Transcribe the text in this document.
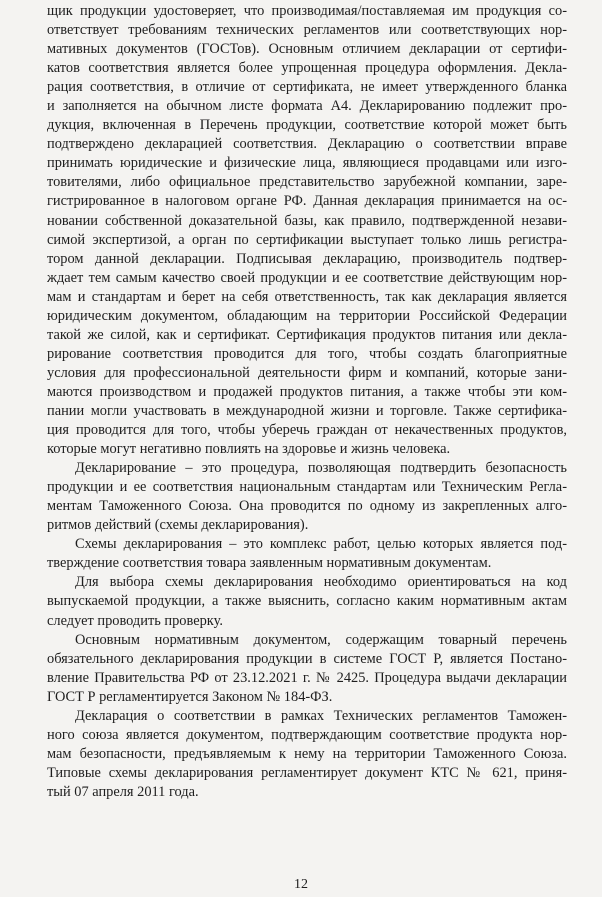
щик продукции удостоверяет, что производимая/поставляемая им продукция со-
ответствует требованиям технических регламентов или соответствующих нор-
мативных документов (ГОСТов). Основным отличием декларации от сертифи-
катов соответствия является более упрощенная процедура оформления. Декла-
рация соответствия, в отличие от сертификата, не имеет утвержденного бланка
и заполняется на обычном листе формата А4. Декларированию подлежит про-
дукция, включенная в Перечень продукции, соответствие которой может быть
подтверждено декларацией соответствия. Декларацию о соответствии вправе
принимать юридические и физические лица, являющиеся продавцами или изго-
товителями, либо официальное представительство зарубежной компании, заре-
гистрированное в налоговом органе РФ. Данная декларация принимается на ос-
новании собственной доказательной базы, как правило, подтвержденной незави-
симой экспертизой, а орган по сертификации выступает только лишь регистра-
тором данной декларации. Подписывая декларацию, производитель подтвер-
ждает тем самым качество своей продукции и ее соответствие действующим нор-
мам и стандартам и берет на себя ответственность, так как декларация является
юридическим документом, обладающим на территории Российской Федерации
такой же силой, как и сертификат. Сертификация продуктов питания или декла-
рирование соответствия проводится для того, чтобы создать благоприятные
условия для профессиональной деятельности фирм и компаний, которые зани-
маются производством и продажей продуктов питания, а также чтобы эти ком-
пании могли участвовать в международной жизни и торговле. Также сертифика-
ция проводится для того, чтобы уберечь граждан от некачественных продуктов,
которые могут негативно повлиять на здоровье и жизнь человека.
Декларирование – это процедура, позволяющая подтвердить безопасность
продукции и ее соответствия национальным стандартам или Техническим Регла-
ментам Таможенного Союза. Она проводится по одному из закрепленных алго-
ритмов действий (схемы декларирования).
Схемы декларирования – это комплекс работ, целью которых является под-
тверждение соответствия товара заявленным нормативным документам.
Для выбора схемы декларирования необходимо ориентироваться на код
выпускаемой продукции, а также выяснить, согласно каким нормативным актам
следует проводить проверку.
Основным нормативным документом, содержащим товарный перечень
обязательного декларирования продукции в системе ГОСТ Р, является Постано-
вление Правительства РФ от 23.12.2021 г. № 2425. Процедура выдачи декларации
ГОСТ Р регламентируется Законом № 184-ФЗ.
Декларация о соответствии в рамках Технических регламентов Таможен-
ного союза является документом, подтверждающим соответствие продукта нор-
мам безопасности, предъявляемым к нему на территории Таможенного Союза.
Типовые схемы декларирования регламентирует документ КТС № 621, приня-
тый 07 апреля 2011 года.
12
